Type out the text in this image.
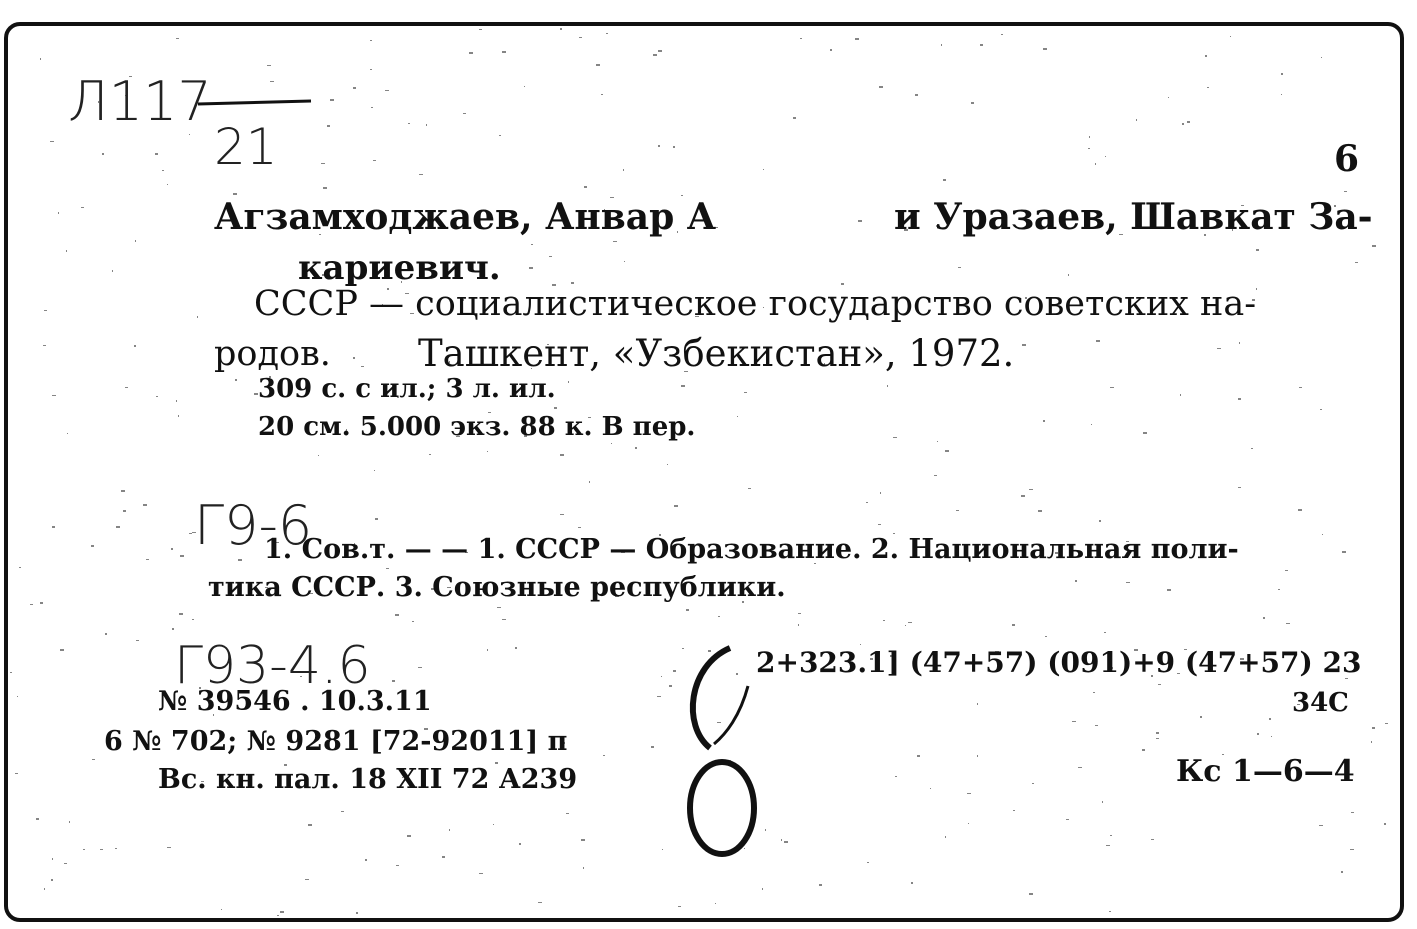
Л117
21	6
Агзамходжаев, Анвар А	и Уразаев, Шавкат За-
кариевич.
СССР — социалистическое государство советских на-
родов. Ташкент, «Узбекистан», 1972.
309 с. с ил.; 3 л. ил.
20 см. 5.000 экз. 88 к. В пер.
Г9-6
1. Сов.т. — — 1. СССР — Образование. 2. Национальная поли-
тика СССР. 3. Союзные республики.
Г93-4.6
№ 39546 . 10.3.11
6 № 702; № 9281 [72-92011] п
Вс. кн. пал. 18 XII 72 А239
2+323.1] (47+57) (091)+9 (47+57) 23
34С
Кс 1—6—4
